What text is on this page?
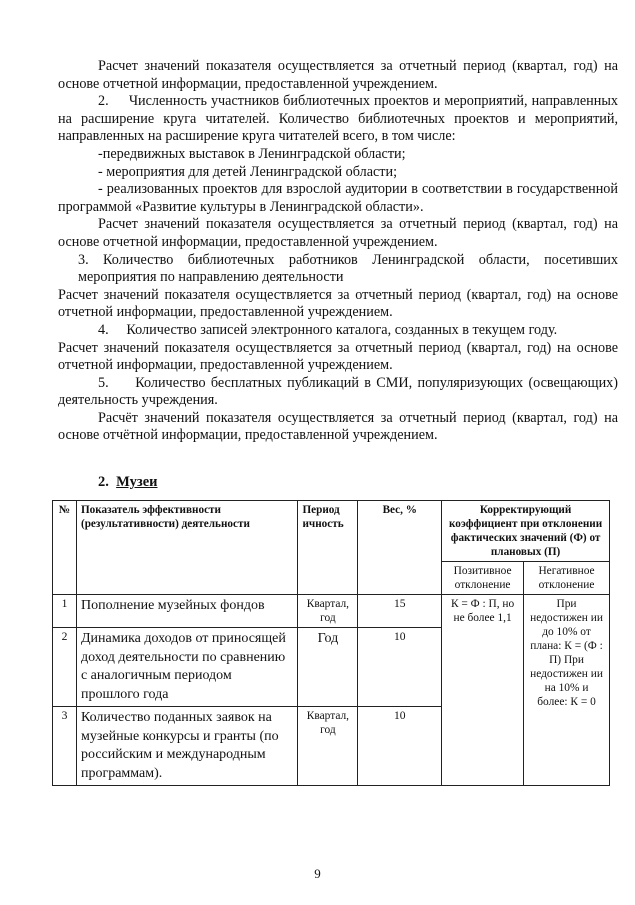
Расчет значений показателя осуществляется за отчетный период (квартал, год) на основе отчетной информации, предоставленной учреждением.

2.     Численность участников библиотечных проектов и мероприятий, направленных на расширение круга читателей. Количество библиотечных проектов и мероприятий, направленных на расширение круга читателей всего, в том числе:

-передвижных выставок в Ленинградской области;

- мероприятия для детей Ленинградской области;

- реализованных проектов для взрослой аудитории в соответствии в государственной программой «Развитие культуры в Ленинградской области».

Расчет значений показателя осуществляется за отчетный период (квартал, год) на основе отчетной информации, предоставленной учреждением.

3. Количество библиотечных работников Ленинградской области, посетивших мероприятия по направлению деятельности

Расчет значений показателя осуществляется за отчетный период (квартал, год) на основе отчетной информации, предоставленной учреждением.

4.     Количество записей электронного каталога, созданных в текущем году.

Расчет значений показателя осуществляется за отчетный период (квартал, год) на основе отчетной информации, предоставленной учреждением.

5.     Количество бесплатных публикаций в СМИ, популяризующих (освещающих) деятельность учреждения.

Расчёт значений показателя осуществляется за отчетный период (квартал, год) на основе отчётной информации, предоставленной учреждением.

2. Музеи
№	Показатель эффективности (результативности) деятельности	Период ичность	Вес, %	Корректирующий коэффициент при отклонении фактических значений (Ф) от плановых (П)	
				Позитивное отклонение	Негативное отклонение
1	Пополнение музейных фондов	Квартал, год	15	К = Ф : П, но не более 1,1	При недостижен ии до 10% от плана: К = (Ф : П) При недостижен ии на 10% и более: К = 0
2	Динамика доходов от приносящей доход деятельности по сравнению с аналогичным периодом прошлого года	Год	10		
3	Количество поданных заявок на музейные конкурсы и гранты (по российским и международным программам).	Квартал, год	10		
9
